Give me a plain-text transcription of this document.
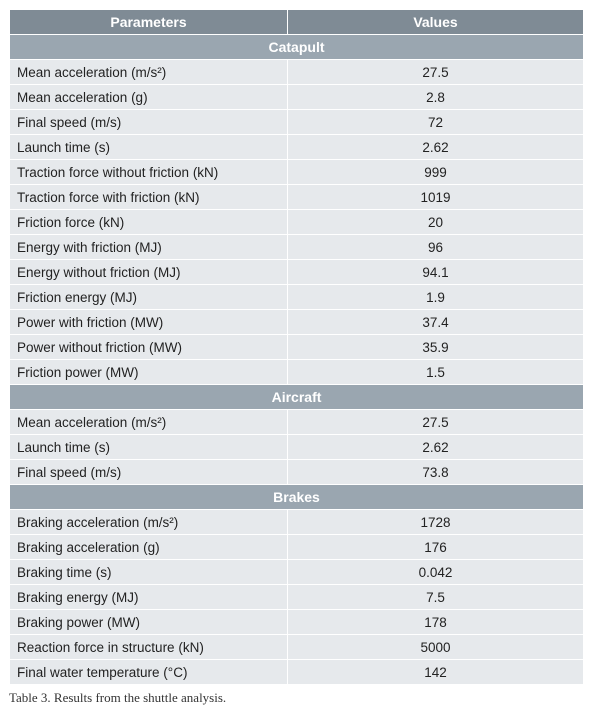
Parameters	Values
Catapult	
Mean acceleration (m/s²)	27.5
Mean acceleration (g)	2.8
Final speed (m/s)	72
Launch time (s)	2.62
Traction force without friction (kN)	999
Traction force with friction (kN)	1019
Friction force (kN)	20
Energy with friction (MJ)	96
Energy without friction (MJ)	94.1
Friction energy (MJ)	1.9
Power with friction (MW)	37.4
Power without friction (MW)	35.9
Friction power (MW)	1.5
Aircraft	
Mean acceleration (m/s²)	27.5
Launch time (s)	2.62
Final speed (m/s)	73.8
Brakes	
Braking acceleration (m/s²)	1728
Braking acceleration (g)	176
Braking time (s)	0.042
Braking energy (MJ)	7.5
Braking power (MW)	178
Reaction force in structure (kN)	5000
Final water temperature (°C)	142
Table 3. Results from the shuttle analysis.
